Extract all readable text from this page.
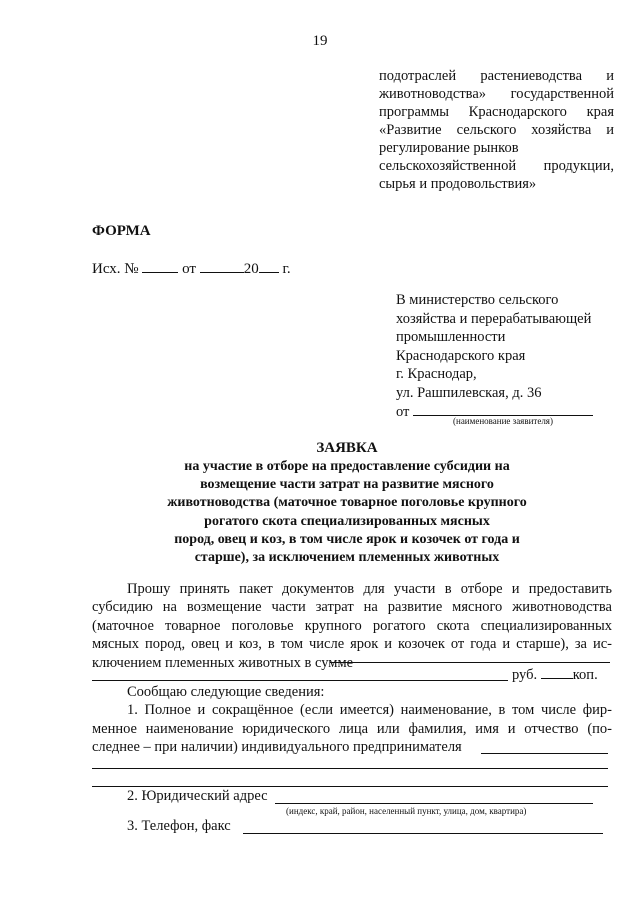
19
подотраслей растениеводства и
животноводства» государственной
программы Краснодарского края
«Развитие сельского хозяйства и
регулирование рынков
сельскохозяйственной продукции,
сырья и продовольствия»
ФОРМА
Исх. №	от	20 г.
В министерство сельского
хозяйства и перерабатывающей
промышленности
Краснодарского края
г. Краснодар,
ул. Рашпилевская, д. 36
от
(наименование заявителя)
ЗАЯВКА
на участие в отборе на предоставление субсидии на
возмещение части затрат на развитие мясного
животноводства (маточное товарное поголовье крупного
рогатого скота специализированных мясных
пород, овец и коз, в том числе ярок и козочек от года и
старше), за исключением племенных животных
Прошу принять пакет документов для участи в отборе и предоставить
субсидию на возмещение части затрат на развитие мясного животноводства
(маточное товарное поголовье крупного рогатого скота специализированных
мясных пород, овец и коз, в том числе ярок и козочек от года и старше), за ис-
ключением племенных животных в сумме
руб. коп.
Сообщаю следующие сведения:
1. Полное и сокращённое (если имеется) наименование, в том числе фир-
менное наименование юридического лица или фамилия, имя и отчество (по-
следнее – при наличии) индивидуального предпринимателя
2. Юридический адрес
(индекс, край, район, населенный пункт, улица, дом, квартира)
3. Телефон, факс
